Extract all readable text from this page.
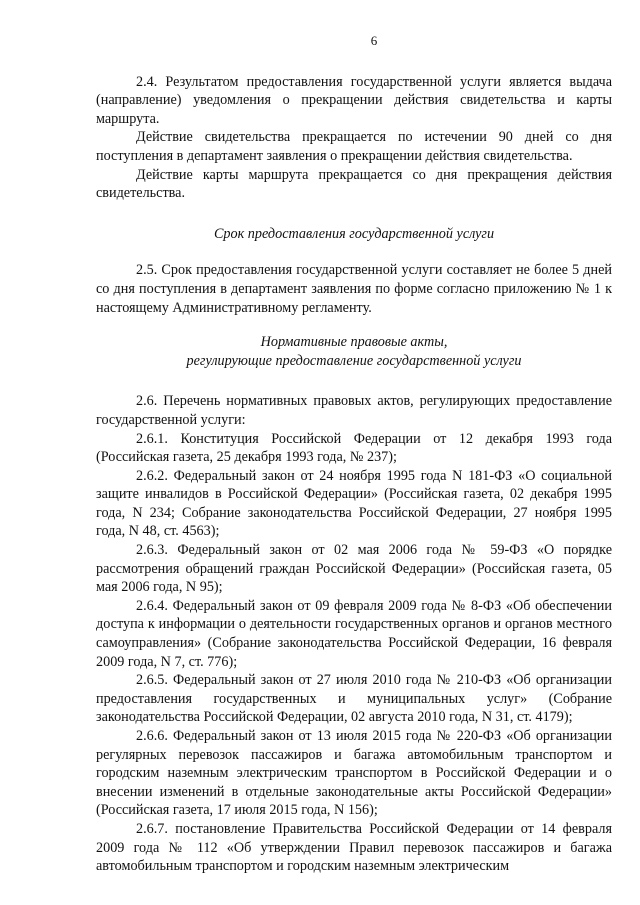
6

2.4. Результатом предоставления государственной услуги является выдача (направление) уведомления о прекращении действия свидетельства и карты маршрута.

Действие свидетельства прекращается по истечении 90 дней со дня поступления в департамент заявления о прекращении действия свидетельства.

Действие карты маршрута прекращается со дня прекращения действия свидетельства.

Срок предоставления государственной услуги

2.5. Срок предоставления государственной услуги составляет не более 5 дней со дня поступления в департамент заявления по форме согласно приложению № 1 к настоящему Административному регламенту.

Нормативные правовые акты,
регулирующие предоставление государственной услуги

2.6. Перечень нормативных правовых актов, регулирующих предоставление государственной услуги:

2.6.1. Конституция Российской Федерации от 12 декабря 1993 года (Российская газета, 25 декабря 1993 года, № 237);

2.6.2. Федеральный закон от 24 ноября 1995 года N 181-ФЗ «О социальной защите инвалидов в Российской Федерации» (Российская газета, 02 декабря 1995 года, N 234; Собрание законодательства Российской Федерации, 27 ноября 1995 года, N 48, ст. 4563);

2.6.3. Федеральный закон от 02 мая 2006 года № 59-ФЗ «О порядке рассмотрения обращений граждан Российской Федерации» (Российская газета, 05 мая 2006 года, N 95);

2.6.4. Федеральный закон от 09 февраля 2009 года № 8-ФЗ «Об обеспечении доступа к информации о деятельности государственных органов и органов местного самоуправления» (Собрание законодательства Российской Федерации, 16 февраля 2009 года, N 7, ст. 776);

2.6.5. Федеральный закон от 27 июля 2010 года № 210-ФЗ «Об организации предоставления государственных и муниципальных услуг» (Собрание законодательства Российской Федерации, 02 августа 2010 года, N 31, ст. 4179);

2.6.6. Федеральный закон от 13 июля 2015 года № 220-ФЗ «Об организации регулярных перевозок пассажиров и багажа автомобильным транспортом и городским наземным электрическим транспортом в Российской Федерации и о внесении изменений в отдельные законодательные акты Российской Федерации» (Российская газета, 17 июля 2015 года, N 156);

2.6.7. постановление Правительства Российской Федерации от 14 февраля 2009 года № 112 «Об утверждении Правил перевозок пассажиров и багажа автомобильным транспортом и городским наземным электрическим
